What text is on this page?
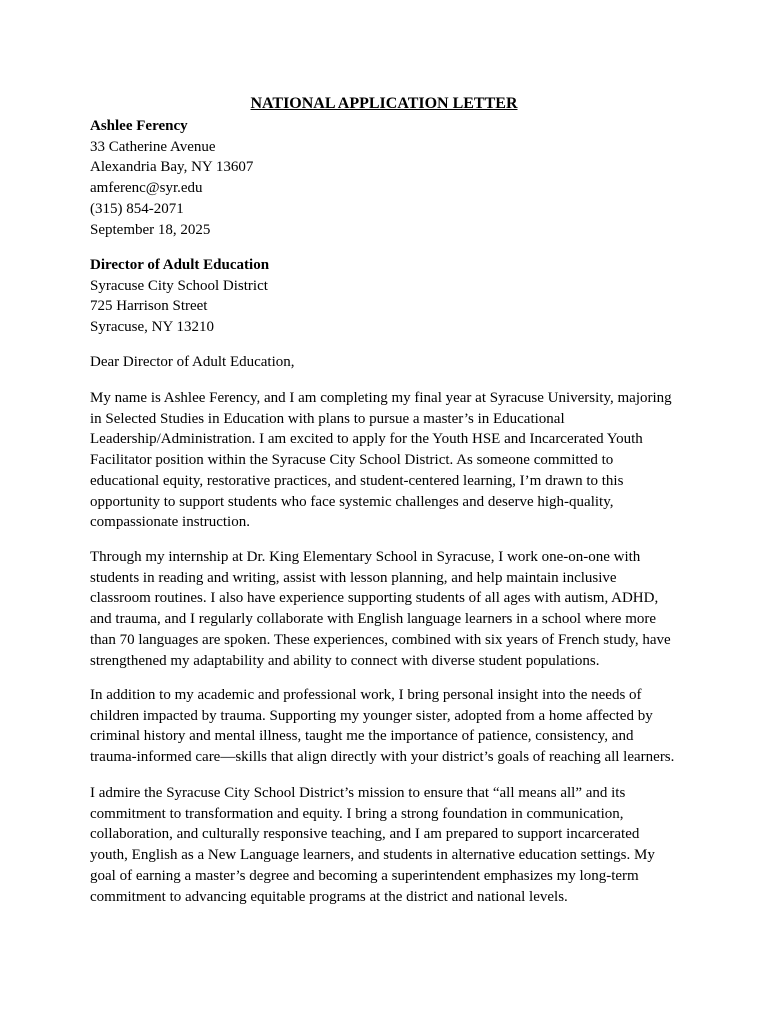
NATIONAL APPLICATION LETTER
Ashlee Ferency
33 Catherine Avenue
Alexandria Bay, NY 13607
amferenc@syr.edu
(315) 854-2071
September 18, 2025
Director of Adult Education
Syracuse City School District
725 Harrison Street
Syracuse, NY 13210
Dear Director of Adult Education,
My name is Ashlee Ferency, and I am completing my final year at Syracuse University, majoring
in Selected Studies in Education with plans to pursue a master’s in Educational
Leadership/Administration. I am excited to apply for the Youth HSE and Incarcerated Youth
Facilitator position within the Syracuse City School District. As someone committed to
educational equity, restorative practices, and student-centered learning, I’m drawn to this
opportunity to support students who face systemic challenges and deserve high-quality,
compassionate instruction.
Through my internship at Dr. King Elementary School in Syracuse, I work one-on-one with
students in reading and writing, assist with lesson planning, and help maintain inclusive
classroom routines. I also have experience supporting students of all ages with autism, ADHD,
and trauma, and I regularly collaborate with English language learners in a school where more
than 70 languages are spoken. These experiences, combined with six years of French study, have
strengthened my adaptability and ability to connect with diverse student populations.
In addition to my academic and professional work, I bring personal insight into the needs of
children impacted by trauma. Supporting my younger sister, adopted from a home affected by
criminal history and mental illness, taught me the importance of patience, consistency, and
trauma-informed care—skills that align directly with your district’s goals of reaching all learners.
I admire the Syracuse City School District’s mission to ensure that “all means all” and its
commitment to transformation and equity. I bring a strong foundation in communication,
collaboration, and culturally responsive teaching, and I am prepared to support incarcerated
youth, English as a New Language learners, and students in alternative education settings. My
goal of earning a master’s degree and becoming a superintendent emphasizes my long-term
commitment to advancing equitable programs at the district and national levels.
